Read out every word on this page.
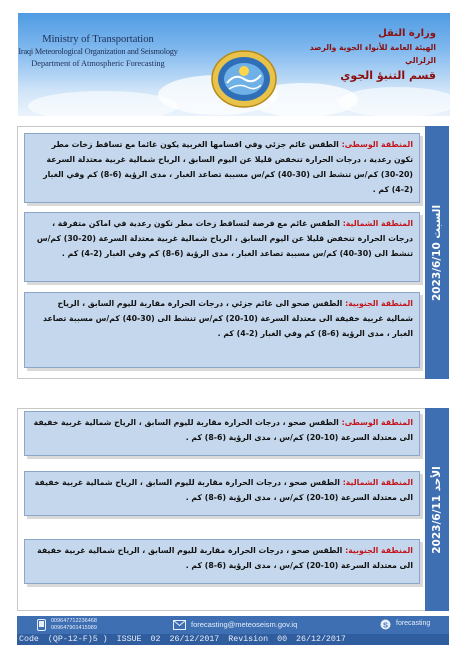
Ministry of Transportation
Iraqi Meteorological Organization and Seismology
Department of Atmospheric Forecasting
وزارة النقل
الهيئة العامة للأنواء الجوية والرصد الزلزالي
قسم التنبؤ الجوي
السبت 2023/6/10
المنطقة الوسطى: الطقس غائم جزئي وفي اقسامها الغربية يكون غائما مع تساقط زخات مطر تكون رعدية ، درجات الحرارة تنخفض قليلا عن اليوم السابق ، الرياح شمالية غربية معتدلة السرعة (20-30) كم/س تنشط الى (30-40) كم/س مسببة تصاعد الغبار ، مدى الرؤية (6-8) كم وفي الغبار (2-4) كم .
المنطقة الشمالية: الطقس غائم مع فرصة لتساقط زخات مطر تكون رعدية في اماكن متفرقة ، درجات الحرارة تنخفض قليلا عن اليوم السابق ، الرياح شمالية غربية معتدلة السرعة (20-30) كم/س تنشط الى (30-40) كم/س مسببة تصاعد الغبار ، مدى الرؤية (6-8) كم وفي الغبار (2-4) كم .
المنطقة الجنوبية: الطقس صحو الى غائم جزئي ، درجات الحرارة مقاربة لليوم السابق ، الرياح شمالية غربية خفيفة الى معتدلة السرعة (10-20) كم/س تنشط الى (30-40) كم/س مسببة تصاعد الغبار ، مدى الرؤية (6-8) كم وفي الغبار (2-4) كم .
الأحد 2023/6/11
المنطقة الوسطى: الطقس صحو ، درجات الحرارة مقاربة لليوم السابق ، الرياح شمالية غربية خفيفة الى معتدلة السرعة (10-20) كم/س ، مدى الرؤية (6-8) كم .
المنطقة الشمالية: الطقس صحو ، درجات الحرارة مقاربة لليوم السابق ، الرياح شمالية غربية خفيفة الى معتدلة السرعة (10-20) كم/س ، مدى الرؤية (6-8) كم .
المنطقة الجنوبية: الطقس صحو ، درجات الحرارة مقاربة لليوم السابق ، الرياح شمالية غربية خفيفة الى معتدلة السرعة (10-20) كم/س ، مدى الرؤية (6-8) كم .
009647712236468
009647901415989	forecasting@meteoseism.gov.iq	S forecasting
Code (QP-12-F)5 ) ISSUE 02 26/12/2017 Revision 00 26/12/2017
